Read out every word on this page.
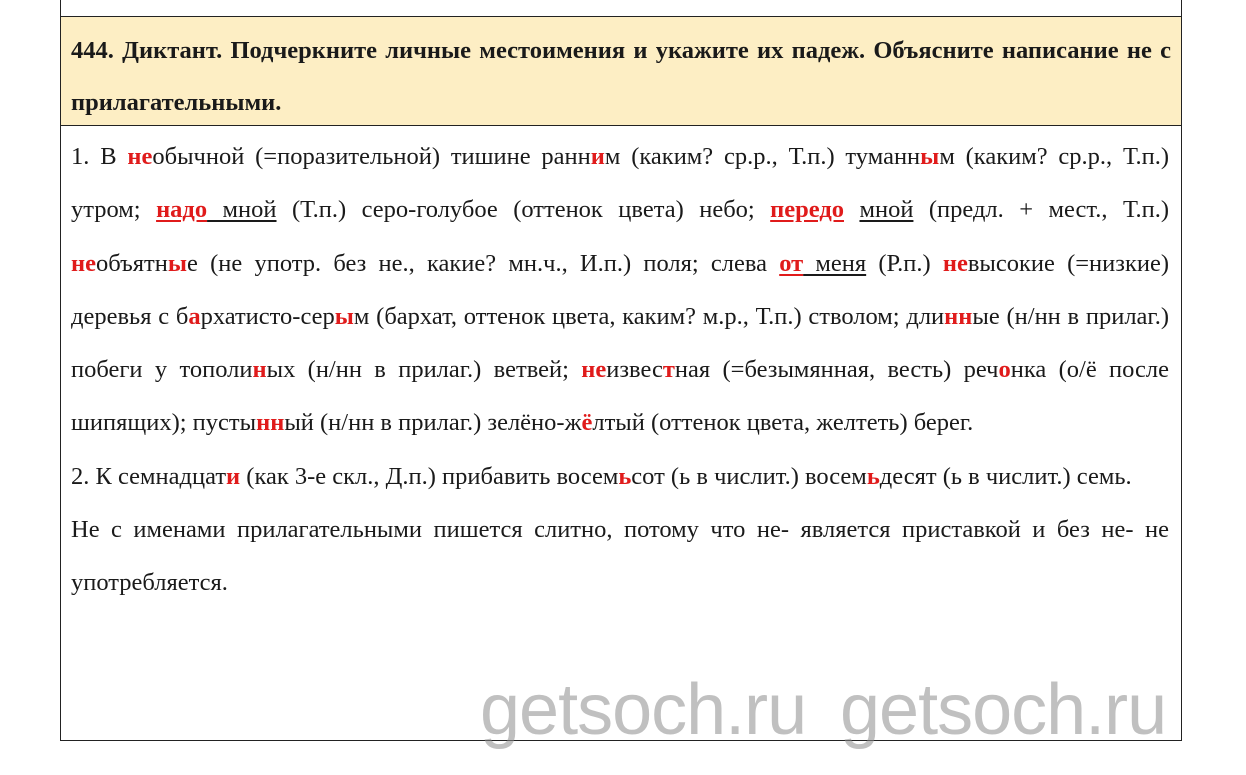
444. Диктант. Подчеркните личные местоимения и укажите их падеж. Объясните написание не с прилагательными.

1. В необычной (=поразительной) тишине ранним (каким? ср.р., Т.п.) туманным (каким? ср.р., Т.п.) утром; надо мной (Т.п.) серо-голубое (оттенок цвета) небо; передо мной (предл. + мест., Т.п.) необъятные (не употр. без не., какие? мн.ч., И.п.) поля; слева от меня (Р.п.) невысокие (=низкие) деревья с бархатисто-серым (бархат, оттенок цвета, каким? м.р., Т.п.) стволом; длинные (н/нн в прилаг.) побеги у тополиных (н/нн в прилаг.) ветвей; неизвестная (=безымянная, весть) речонка (о/ё после шипящих); пустынный (н/нн в прилаг.) зелёно-жёлтый (оттенок цвета, желтеть) берег.

2. К семнадцати (как 3-е скл., Д.п.) прибавить восемьсот (ь в числит.) восемьдесят (ь в числит.) семь.

Не с именами прилагательными пишется слитно, потому что не- является приставкой и без не- не употребляется.

getsoch.ru getsoch.ru
